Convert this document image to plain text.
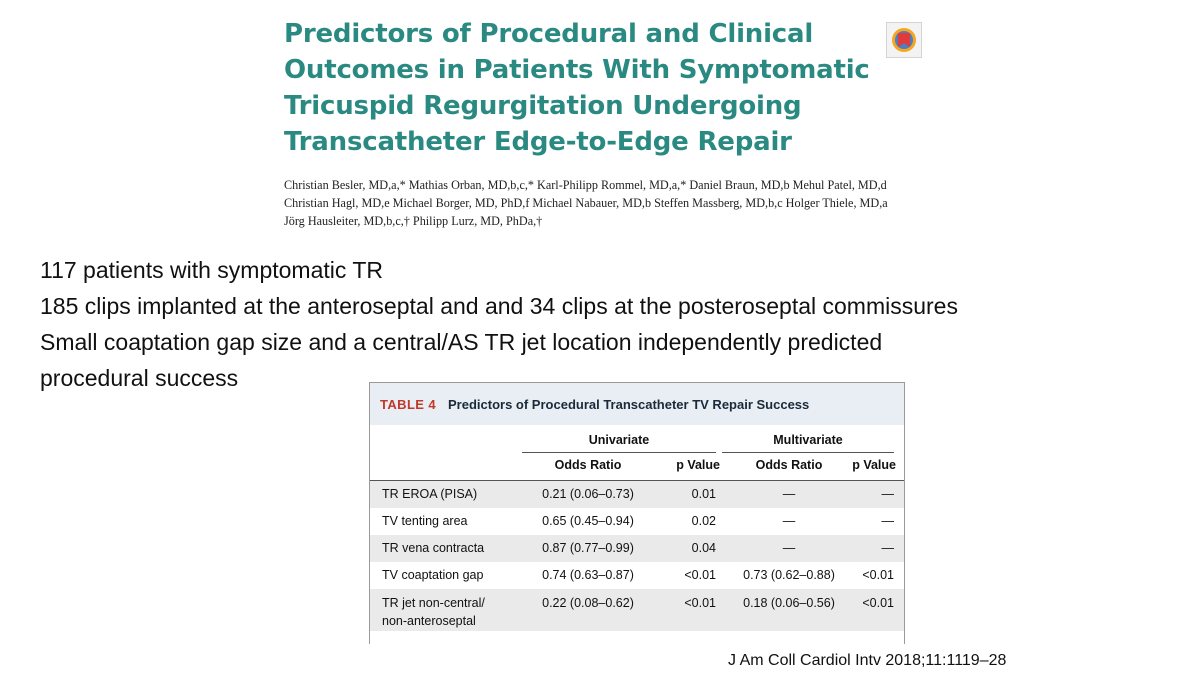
Predictors of Procedural and Clinical
Outcomes in Patients With Symptomatic
Tricuspid Regurgitation Undergoing
Transcatheter Edge-to-Edge Repair
Christian Besler, MD,a,* Mathias Orban, MD,b,c,* Karl-Philipp Rommel, MD,a,* Daniel Braun, MD,b Mehul Patel, MD,d
Christian Hagl, MD,e Michael Borger, MD, PhD,f Michael Nabauer, MD,b Steffen Massberg, MD,b,c Holger Thiele, MD,a
Jörg Hausleiter, MD,b,c,† Philipp Lurz, MD, PhDa,†
117 patients with symptomatic TR
185 clips implanted at the anteroseptal and and 34 clips at the posteroseptal commissures
Small coaptation gap size and a central/AS TR jet location independently predicted
procedural success
TABLE 4 Predictors of Procedural Transcatheter TV Repair Success
Univariate	Multivariate
Odds Ratio	p Value	Odds Ratio	p Value
TR EROA (PISA)	0.21 (0.06–0.73)	0.01	—	—
TV tenting area	0.65 (0.45–0.94)	0.02	—	—
TR vena contracta	0.87 (0.77–0.99)	0.04	—	—
TV coaptation gap	0.74 (0.63–0.87)	<0.01 0.73 (0.62–0.88)	<0.01
TR jet non-central/
non-anteroseptal
0.22 (0.08–0.62)	<0.01 0.18 (0.06–0.56)	<0.01
J Am Coll Cardiol Intv 2018;11:1119–28
